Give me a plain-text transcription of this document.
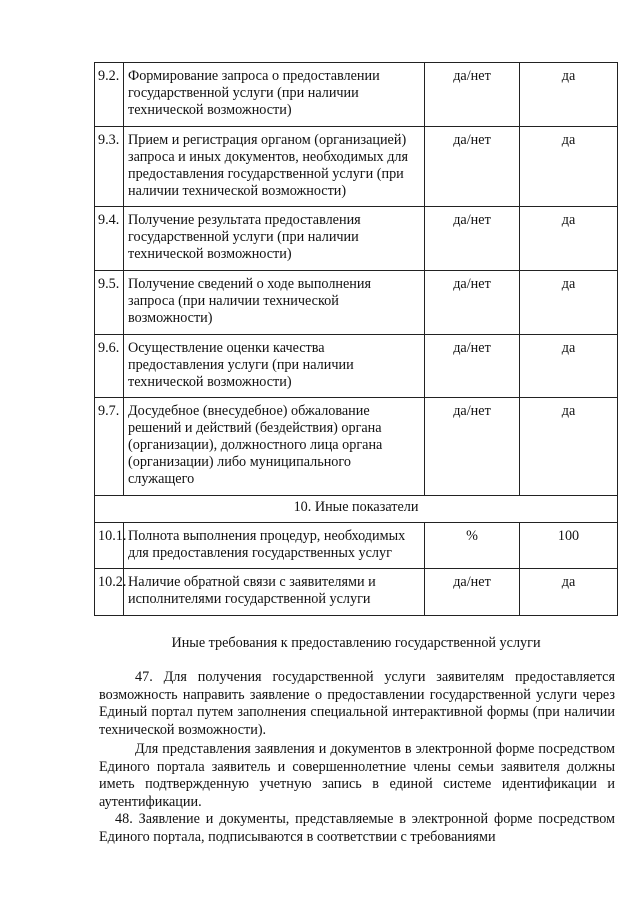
9.2.	Формирование запроса о предоставлении государственной услуги (при наличии технической возможности)	да/нет	да
9.3.	Прием и регистрация органом (организацией) запроса и иных документов, необходимых для предоставления государственной услуги (при наличии технической возможности)	да/нет	да
9.4.	Получение результата предоставления государственной услуги (при наличии технической возможности)	да/нет	да
9.5.	Получение сведений о ходе выполнения запроса (при наличии технической возможности)	да/нет	да
9.6.	Осуществление оценки качества предоставления услуги (при наличии технической возможности)	да/нет	да
9.7.	Досудебное (внесудебное) обжалование решений и действий (бездействия) органа (организации), должностного лица органа (организации) либо муниципального служащего	да/нет	да
10. Иные показатели			
10.1.	Полнота выполнения процедур, необходимых для предоставления государственных услуг	%	100
10.2.	Наличие обратной связи с заявителями и исполнителями государственной услуги	да/нет	да
Иные требования к предоставлению государственной услуги
47. Для получения государственной услуги заявителям предоставляется возможность направить заявление о предоставлении государственной услуги через Единый портал путем заполнения специальной интерактивной формы (при наличии технической возможности).
Для представления заявления и документов в электронной форме посредством Единого портала заявитель и совершеннолетние члены семьи заявителя должны иметь подтвержденную учетную запись в единой системе идентификации и аутентификации.
48. Заявление и документы, представляемые в электронной форме посредством Единого портала, подписываются в соответствии с требованиями
